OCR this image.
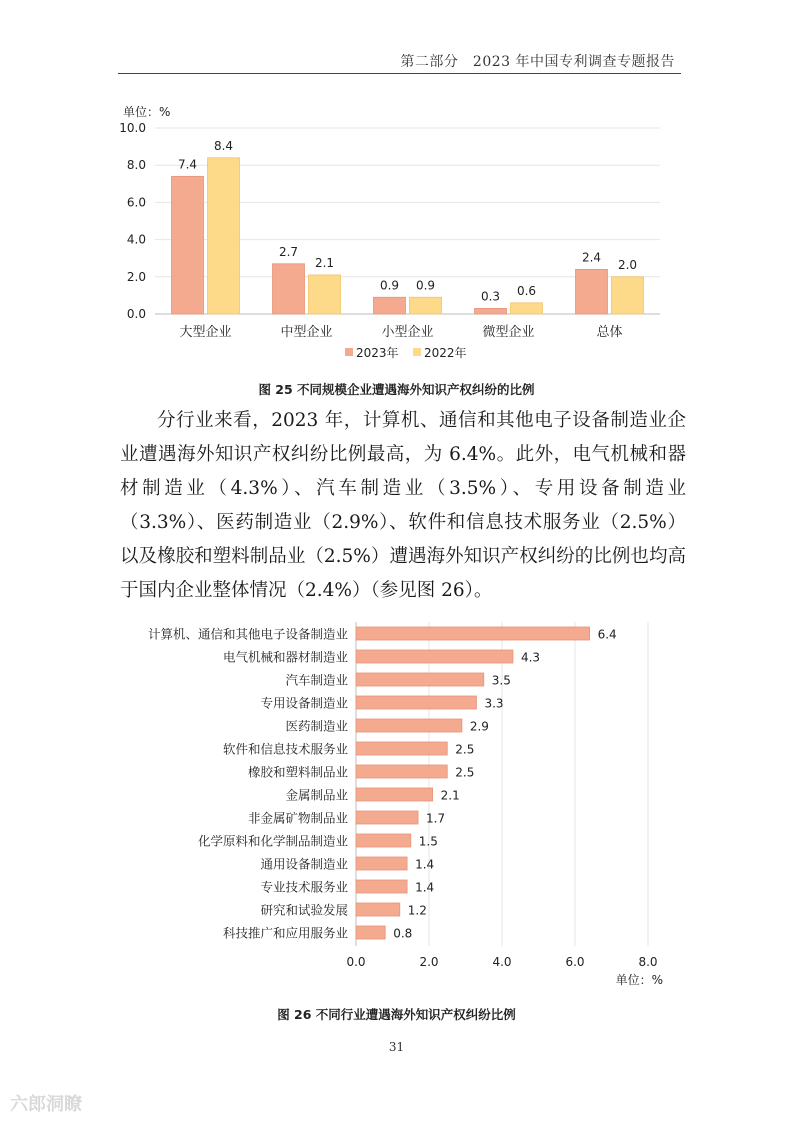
第二部分　2023 年中国专利调查专题报告
单位：%
0.0
2.0
4.0
6.0
8.0
10.0
7.4
8.4
大型企业
2.7
2.1
中型企业
0.9 0.9
小型企业
0.3 0.6
微型企业
2.4
2.0
总体
2023年 2022年
图 25 不同规模企业遭遇海外知识产权纠纷的比例

分行业来看，2023 年，计算机、通信和其他电子设备制造业企业遭遇海外知识产权纠纷比例最高，为 6.4%。此外，电气机械和器材制造业（4.3%）、汽车制造业（3.5%）、专用设备制造业（3.3%）、医药制造业（2.9%）、软件和信息技术服务业（2.5%）以及橡胶和塑料制品业（2.5%）遭遇海外知识产权纠纷的比例也均高于国内企业整体情况（2.4%）（参见图 26）。

0.0	2.0	4.0	6.0	8.0
6.4
计算机、通信和其他电子设备制造业
4.3
电气机械和器材制造业
3.5
汽车制造业
3.3
专用设备制造业
2.9
医药制造业
2.5
软件和信息技术服务业
2.5
橡胶和塑料制品业
2.1
金属制品业
1.7
非金属矿物制品业
1.5
化学原料和化学制品制造业
1.4
通用设备制造业
1.4
专业技术服务业
1.2
研究和试验发展
0.8
科技推广和应用服务业
单位：%
图 26 不同行业遭遇海外知识产权纠纷比例
31
六郎洞瞭
